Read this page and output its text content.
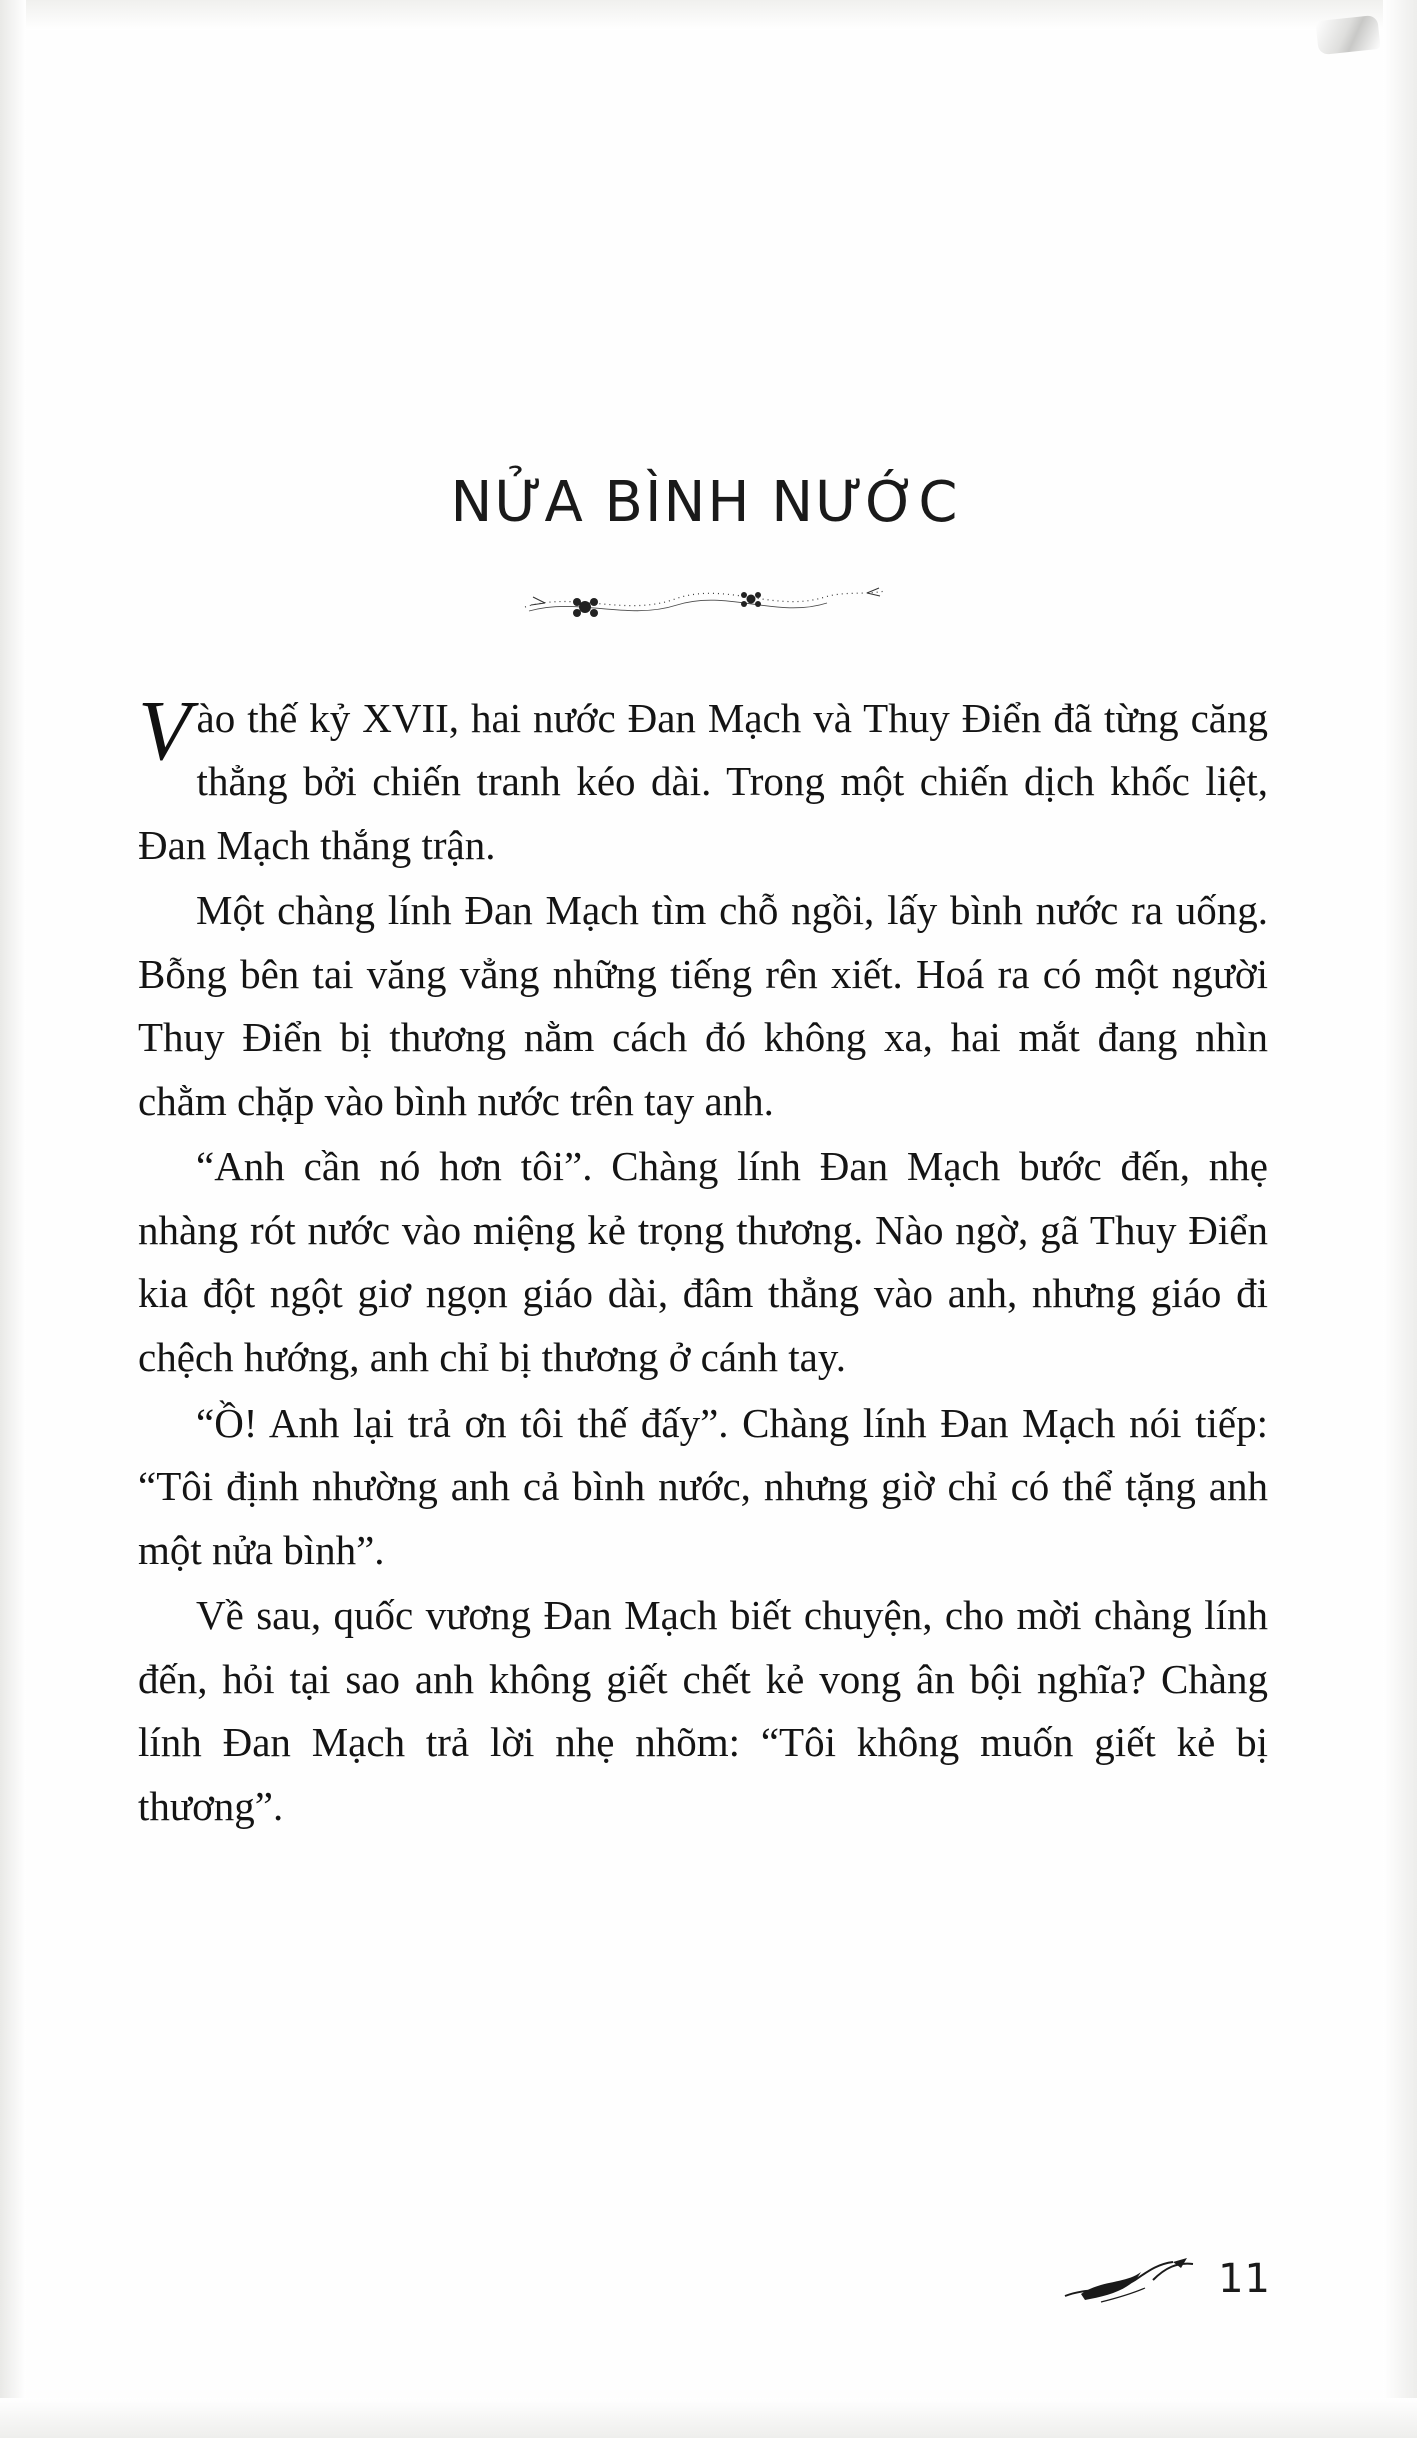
NỬA BÌNH NƯỚC

Vào thế kỷ XVII, hai nước Đan Mạch và Thuy Điển đã từng căng thẳng bởi chiến tranh kéo dài. Trong một chiến dịch khốc liệt, Đan Mạch thắng trận.

Một chàng lính Đan Mạch tìm chỗ ngồi, lấy bình nước ra uống. Bỗng bên tai văng vẳng những tiếng rên xiết. Hoá ra có một người Thuy Điển bị thương nằm cách đó không xa, hai mắt đang nhìn chằm chặp vào bình nước trên tay anh.

“Anh cần nó hơn tôi”. Chàng lính Đan Mạch bước đến, nhẹ nhàng rót nước vào miệng kẻ trọng thương. Nào ngờ, gã Thuy Điển kia đột ngột giơ ngọn giáo dài, đâm thẳng vào anh, nhưng giáo đi chệch hướng, anh chỉ bị thương ở cánh tay.

“Ồ! Anh lại trả ơn tôi thế đấy”. Chàng lính Đan Mạch nói tiếp: “Tôi định nhường anh cả bình nước, nhưng giờ chỉ có thể tặng anh một nửa bình”.

Về sau, quốc vương Đan Mạch biết chuyện, cho mời chàng lính đến, hỏi tại sao anh không giết chết kẻ vong ân bội nghĩa? Chàng lính Đan Mạch trả lời nhẹ nhõm: “Tôi không muốn giết kẻ bị thương”.

11
